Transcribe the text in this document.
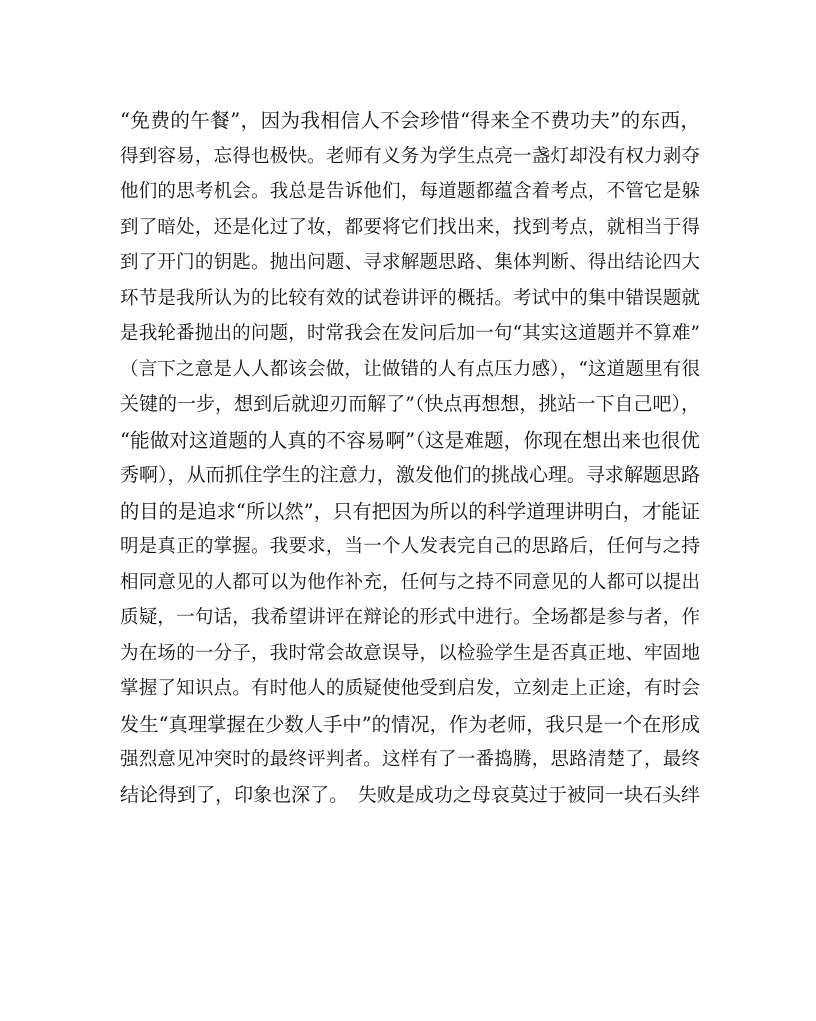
“免费的午餐”，因为我相信人不会珍惜“得来全不费功夫”的东西，
得到容易，忘得也极快。老师有义务为学生点亮一盏灯却没有权力剥夺
他们的思考机会。我总是告诉他们，每道题都蕴含着考点，不管它是躲
到了暗处，还是化过了妆，都要将它们找出来，找到考点，就相当于得
到了开门的钥匙。抛出问题、寻求解题思路、集体判断、得出结论四大
环节是我所认为的比较有效的试卷讲评的概括。考试中的集中错误题就
是我轮番抛出的问题，时常我会在发问后加一句“其实这道题并不算难”
（言下之意是人人都该会做，让做错的人有点压力感），“这道题里有很
关键的一步，想到后就迎刃而解了”（快点再想想，挑站一下自己吧），
“能做对这道题的人真的不容易啊”（这是难题，你现在想出来也很优
秀啊），从而抓住学生的注意力，激发他们的挑战心理。寻求解题思路
的目的是追求“所以然”，只有把因为所以的科学道理讲明白，才能证
明是真正的掌握。我要求，当一个人发表完自己的思路后，任何与之持
相同意见的人都可以为他作补充，任何与之持不同意见的人都可以提出
质疑，一句话，我希望讲评在辩论的形式中进行。全场都是参与者，作
为在场的一分子，我时常会故意误导，以检验学生是否真正地、牢固地
掌握了知识点。有时他人的质疑使他受到启发，立刻走上正途，有时会
发生“真理掌握在少数人手中”的情况，作为老师，我只是一个在形成
强烈意见冲突时的最终评判者。这样有了一番捣腾，思路清楚了，最终
结论得到了，印象也深了。　失败是成功之母哀莫过于被同一块石头绊
